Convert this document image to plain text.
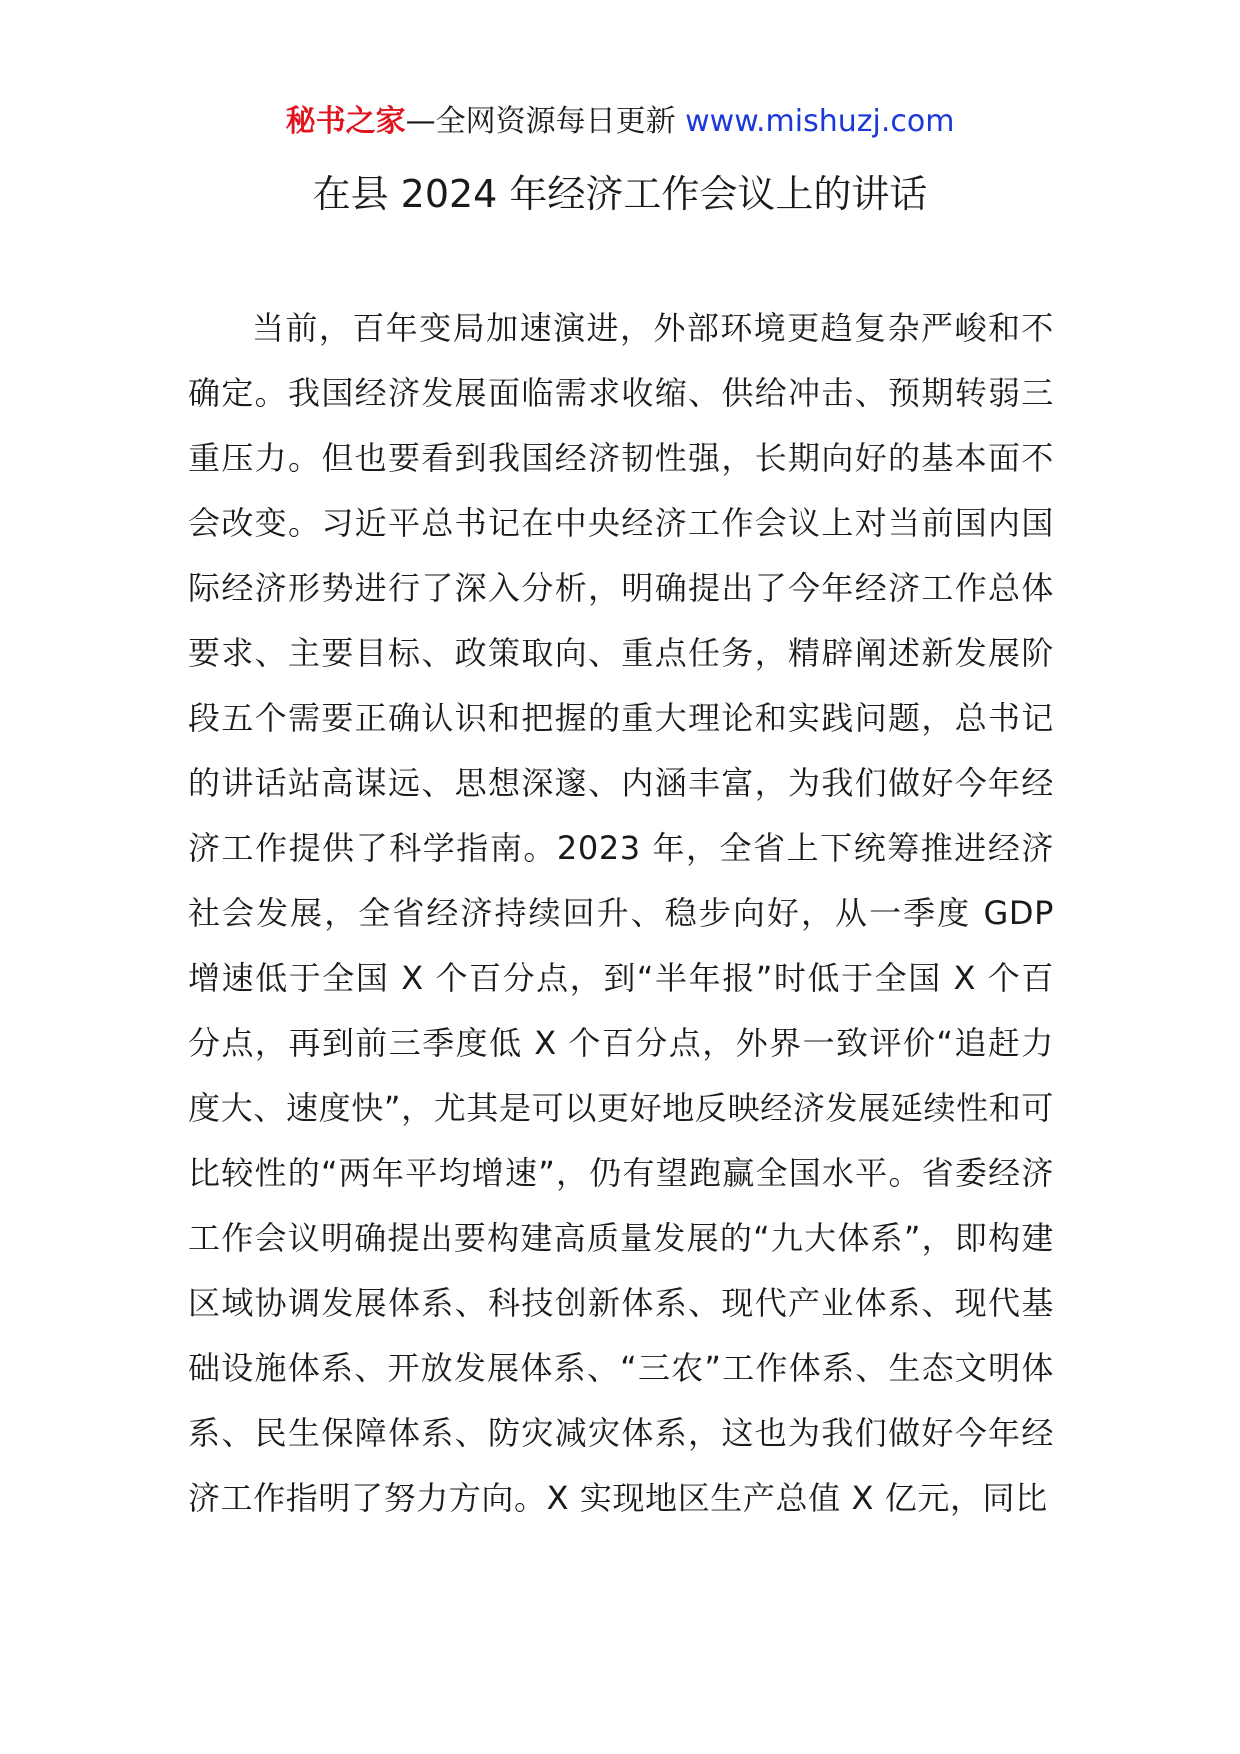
秘书之家—全网资源每日更新 www.mishuzj.com
在县 2024 年经济工作会议上的讲话

当前，百年变局加速演进，外部环境更趋复杂严峻和不确定。我国经济发展面临需求收缩、供给冲击、预期转弱三重压力。但也要看到我国经济韧性强，长期向好的基本面不会改变。习近平总书记在中央经济工作会议上对当前国内国际经济形势进行了深入分析，明确提出了今年经济工作总体要求、主要目标、政策取向、重点任务，精辟阐述新发展阶段五个需要正确认识和把握的重大理论和实践问题，总书记的讲话站高谋远、思想深邃、内涵丰富，为我们做好今年经济工作提供了科学指南。2023 年，全省上下统筹推进经济社会发展，全省经济持续回升、稳步向好，从一季度 GDP 增速低于全国 X 个百分点，到“半年报”时低于全国 X 个百分点，再到前三季度低 X 个百分点，外界一致评价“追赶力度大、速度快”，尤其是可以更好地反映经济发展延续性和可比较性的“两年平均增速”，仍有望跑赢全国水平。省委经济工作会议明确提出要构建高质量发展的“九大体系”，即构建区域协调发展体系、科技创新体系、现代产业体系、现代基础设施体系、开放发展体系、“三农”工作体系、生态文明体系、民生保障体系、防灾减灾体系，这也为我们做好今年经济工作指明了努力方向。X 实现地区生产总值 X 亿元，同比
